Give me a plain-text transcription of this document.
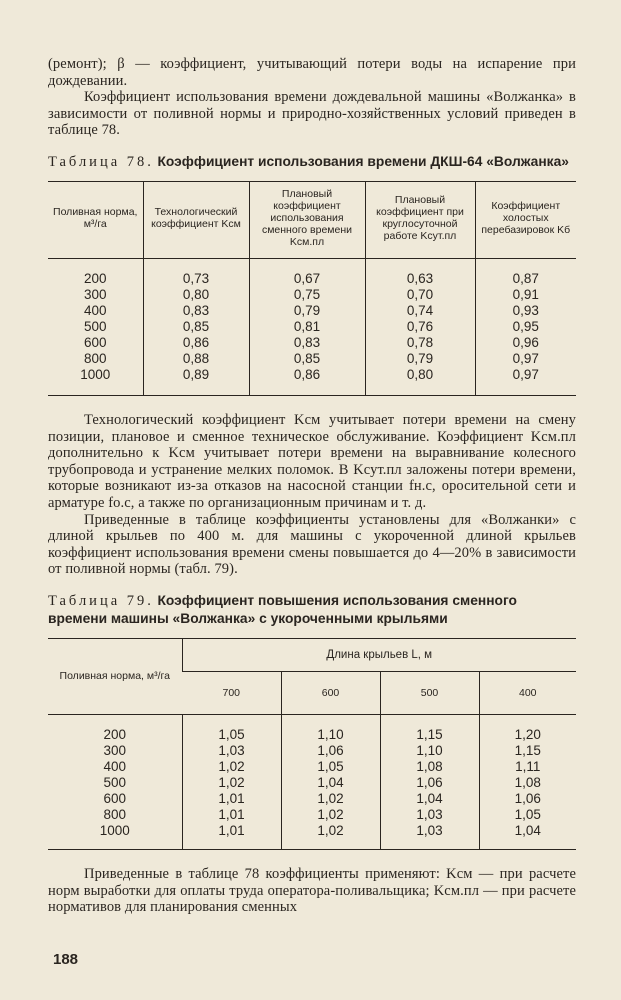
(ремонт); β — коэффициент, учитывающий потери воды на испарение при дождевании.

Коэффициент использования времени дождевальной машины «Волжанка» в зависимости от поливной нормы и природно-хозяйственных условий приведен в таблице 78.

Таблица 78. Коэффициент использования времени ДКШ-64 «Волжанка»
Поливная норма, м³/га	Технологический коэффициент Kсм	Плановый коэффициент использования сменного времени Kсм.пл	Плановый коэффициент при круглосуточной работе Kсут.пл	Коэффициент холостых перебазировок Kб
200	0,73	0,67	0,63	0,87
300	0,80	0,75	0,70	0,91
400	0,83	0,79	0,74	0,93
500	0,85	0,81	0,76	0,95
600	0,86	0,83	0,78	0,96
800	0,88	0,85	0,79	0,97
1000	0,89	0,86	0,80	0,97

Технологический коэффициент Kсм учитывает потери времени на смену позиции, плановое и сменное техническое обслуживание. Коэффициент Kсм.пл дополнительно к Kсм учитывает потери времени на выравнивание колесного трубопровода и устранение мелких поломок. В Kсут.пл заложены потери времени, которые возникают из-за отказов на насосной станции fн.с, оросительной сети и арматуре fо.с, а также по организационным причинам и т. д.

Приведенные в таблице коэффициенты установлены для «Волжанки» с длиной крыльев по 400 м. для машины с укороченной длиной крыльев коэффициент использования времени смены повышается до 4—20% в зависимости от поливной нормы (табл. 79).

Таблица 79. Коэффициент повышения использования сменного времени машины «Волжанка» с укороченными крыльями
Поливная норма, м³/га	Длина крыльев L, м			
	700	600	500	400
200	1,05	1,10	1,15	1,20
300	1,03	1,06	1,10	1,15
400	1,02	1,05	1,08	1,11
500	1,02	1,04	1,06	1,08
600	1,01	1,02	1,04	1,06
800	1,01	1,02	1,03	1,05
1000	1,01	1,02	1,03	1,04

Приведенные в таблице 78 коэффициенты применяют: Kсм — при расчете норм выработки для оплаты труда оператора-поливальщика; Kсм.пл — при расчете нормативов для планирования сменных

188
